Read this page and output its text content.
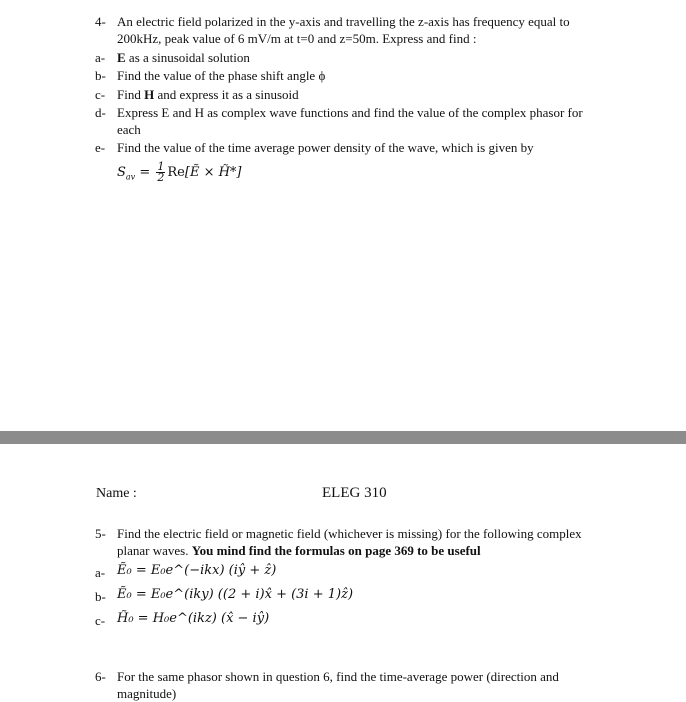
4- An electric field polarized in the y-axis and travelling the z-axis has frequency equal to
200kHz, peak value of 6 mV/m at t=0 and z=50m. Express and find :
a- E as a sinusoidal solution
b- Find the value of the phase shift angle ϕ
c- Find H and express it as a sinusoid
d- Express E and H as complex wave functions and find the value of the complex phasor for
each
e- Find the value of the time average power density of the wave, which is given by
$S_{av} = \frac{1}{2}$ Re[Ẽ × H̃*]
Name :	ELEG 310
5- Find the electric field or magnetic field (whichever is missing) for the following complex
planar waves. You mind find the formulas on page 369 to be useful
a- Ẽ₀ = E₀e^(−ikx) (iŷ + ẑ)
b- Ẽ₀ = E₀e^(iky) ((2 + i)x̂ + (3i + 1)ẑ)
c- H̃₀ = H₀e^(ikz) (x̂ − iŷ)
6- For the same phasor shown in question 6, find the time-average power (direction and
magnitude)
